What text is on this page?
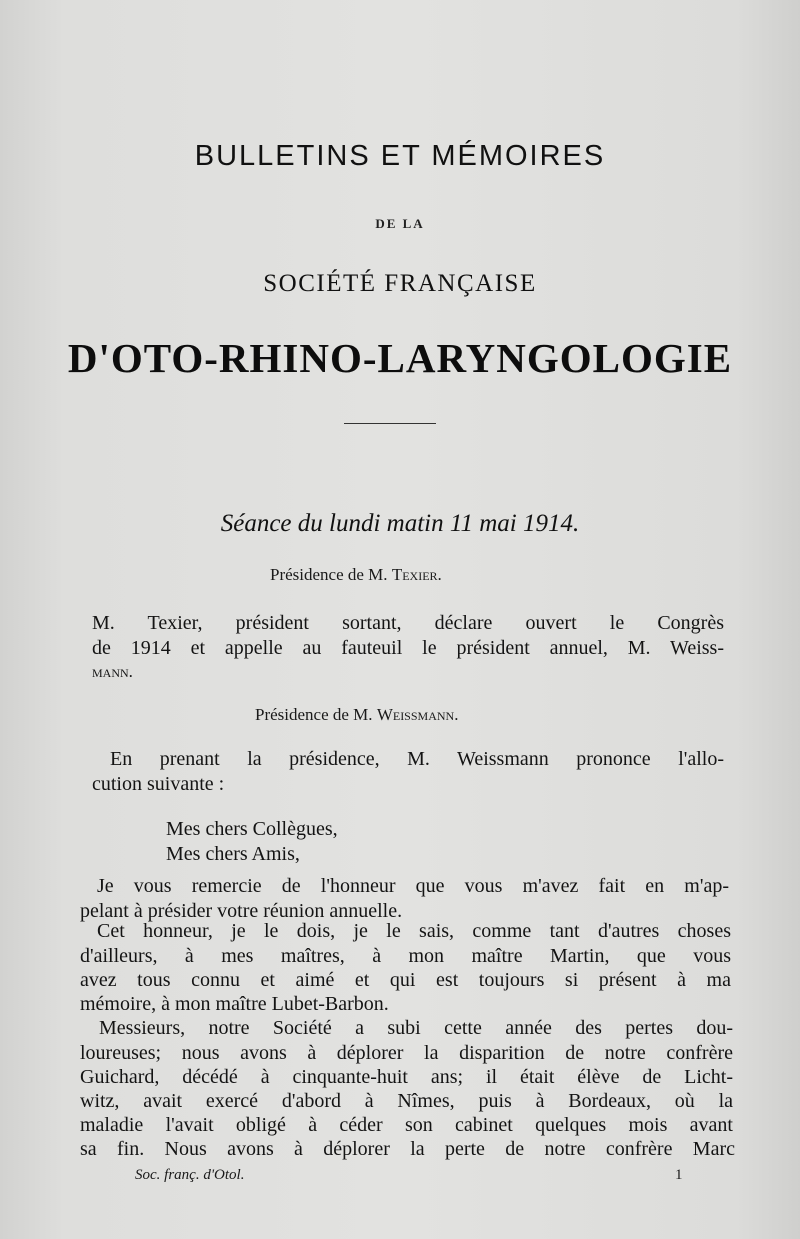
BULLETINS ET MÉMOIRES
DE LA
SOCIÉTÉ FRANÇAISE
D'OTO-RHINO-LARYNGOLOGIE
Séance du lundi matin 11 mai 1914.
Présidence de M. Texier.
M. Texier, président sortant, déclare ouvert le Congrès
de 1914 et appelle au fauteuil le président annuel, M. Weiss-
mann.
Présidence de M. Weissmann.
En prenant la présidence, M. Weissmann prononce l'allo-
cution suivante :
Mes chers Collègues,
Mes chers Amis,
Je vous remercie de l'honneur que vous m'avez fait en m'ap-
pelant à présider votre réunion annuelle.
Cet honneur, je le dois, je le sais, comme tant d'autres choses
d'ailleurs, à mes maîtres, à mon maître Martin, que vous
avez tous connu et aimé et qui est toujours si présent à ma
mémoire, à mon maître Lubet-Barbon.
Messieurs, notre Société a subi cette année des pertes dou-
loureuses; nous avons à déplorer la disparition de notre confrère
Guichard, décédé à cinquante-huit ans; il était élève de Licht-
witz, avait exercé d'abord à Nîmes, puis à Bordeaux, où la
maladie l'avait obligé à céder son cabinet quelques mois avant
sa fin. Nous avons à déplorer la perte de notre confrère Marc
Soc. franç. d'Otol.	1
